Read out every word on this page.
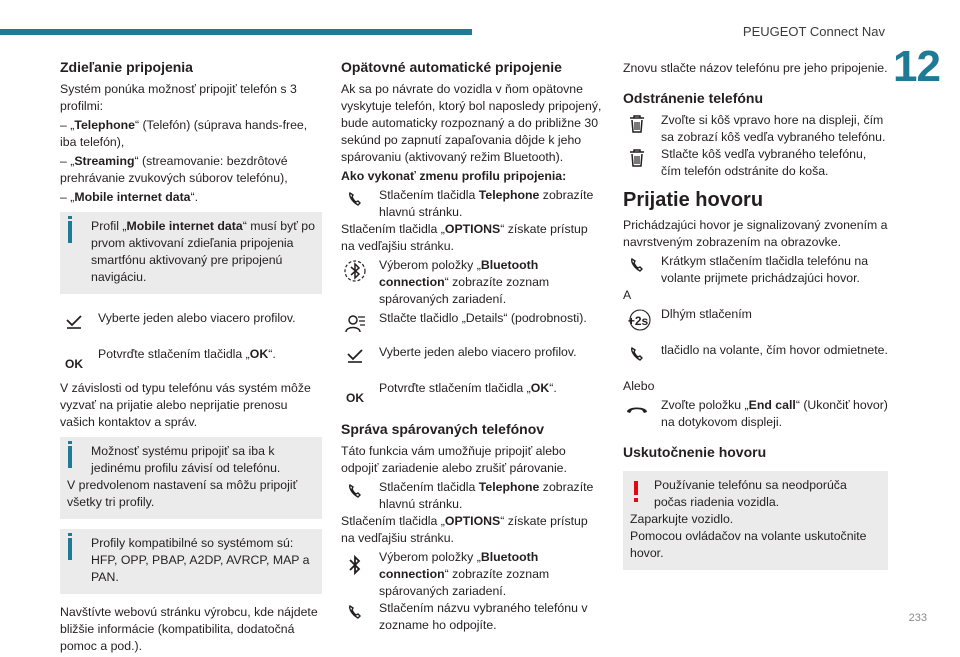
PEUGEOT Connect Nav
12
233
Zdieľanie pripojenia

Systém ponúka možnosť pripojiť telefón s 3 profilmi:

– „Telephone“ (Telefón) (súprava hands-free, iba telefón),

– „Streaming“ (streamovanie: bezdrôtové prehrávanie zvukových súborov telefónu),

– „Mobile internet data“.

Profil „Mobile internet data“ musí byť po prvom aktivovaní zdieľania pripojenia smartfónu aktivovaný pre pripojenú navigáciu.
Vyberte jeden alebo viacero profilov.
OK
Potvrďte stlačením tlačidla „OK“.

V závislosti od typu telefónu vás systém môže vyzvať na prijatie alebo neprijatie prenosu vašich kontaktov a správ.

Možnosť systému pripojiť sa iba k jedinému profilu závisí od telefónu.
V predvolenom nastavení sa môžu pripojiť všetky tri profily.
Profily kompatibilné so systémom sú: HFP, OPP, PBAP, A2DP, AVRCP, MAP a PAN.

Navštívte webovú stránku výrobcu, kde nájdete bližšie informácie (kompatibilita, dodatočná pomoc a pod.).

Opätovné automatické pripojenie

Ak sa po návrate do vozidla v ňom opätovne vyskytuje telefón, ktorý bol naposledy pripojený, bude automaticky rozpoznaný a do približne 30 sekúnd po zapnutí zapaľovania dôjde k jeho spárovaniu (aktivovaný režim Bluetooth).

Ako vykonať zmenu profilu pripojenia:

Stlačením tlačidla Telephone zobrazíte hlavnú stránku.

Stlačením tlačidla „OPTIONS“ získate prístup na vedľajšiu stránku.

Výberom položky „Bluetooth connection“ zobrazíte zoznam spárovaných zariadení.
Stlačte tlačidlo „Details“ (podrobnosti).
Vyberte jeden alebo viacero profilov.
OK
Potvrďte stlačením tlačidla „OK“.
Správa spárovaných telefónov

Táto funkcia vám umožňuje pripojiť alebo odpojiť zariadenie alebo zrušiť párovanie.

Stlačením tlačidla Telephone zobrazíte hlavnú stránku.

Stlačením tlačidla „OPTIONS“ získate prístup na vedľajšiu stránku.

Výberom položky „Bluetooth connection“ zobrazíte zoznam spárovaných zariadení.
Stlačením názvu vybraného telefónu v zozname ho odpojíte.

Znovu stlačte názov telefónu pre jeho pripojenie.

Odstránenie telefónu
Zvoľte si kôš vpravo hore na displeji, čím sa zobrazí kôš vedľa vybraného telefónu.
Stlačte kôš vedľa vybraného telefónu, čím telefón odstránite do koša.
Prijatie hovoru

Prichádzajúci hovor je signalizovaný zvonením a navrstveným zobrazením na obrazovke.

Krátkym stlačením tlačidla telefónu na volante prijmete prichádzajúci hovor.

A

+2s Dlhým stlačením
tlačidlo na volante, čím hovor odmietnete.

Alebo

Zvoľte položku „End call“ (Ukončiť hovor) na dotykovom displeji.
Uskutočnenie hovoru
Používanie telefónu sa neodporúča počas riadenia vozidla.
Zaparkujte vozidlo.
Pomocou ovládačov na volante uskutočnite hovor.
